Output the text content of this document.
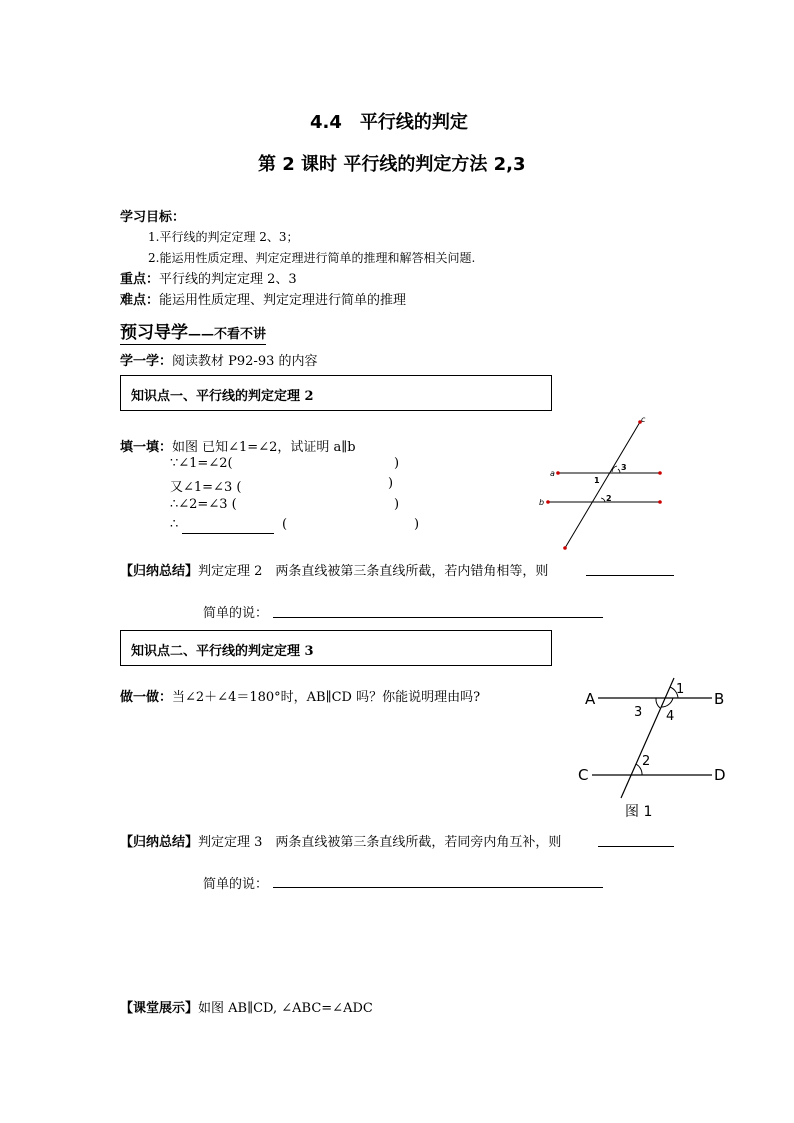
4.4　平行线的判定
第 2 课时 平行线的判定方法 2,3
学习目标：
1.平行线的判定定理 2、3；
2.能运用性质定理、判定定理进行简单的推理和解答相关问题.
重点：平行线的判定定理 2、3
难点：能运用性质定理、判定定理进行简单的推理
预习导学——不看不讲
学一学：阅读教材 P92-93 的内容
知识点一、平行线的判定定理 2
填一填：如图 已知∠1=∠2，试证明 a∥b
∵∠1=∠2(	)
又∠1=∠3 (	)
∴∠2=∠3 (	)
∴	(	)
a
b
c
1
3
2
【归纳总结】判定定理 2　两条直线被第三条直线所截，若内错角相等，则
简单的说：
知识点二、平行线的判定定理 3
做一做：当∠2＋∠4＝180°时，AB∥CD 吗？你能说明理由吗?	A	B
C	D
1
3 4
2
图 1
【归纳总结】判定定理 3　两条直线被第三条直线所截，若同旁内角互补，则
简单的说：
【课堂展示】如图 AB∥CD, ∠ABC=∠ADC
